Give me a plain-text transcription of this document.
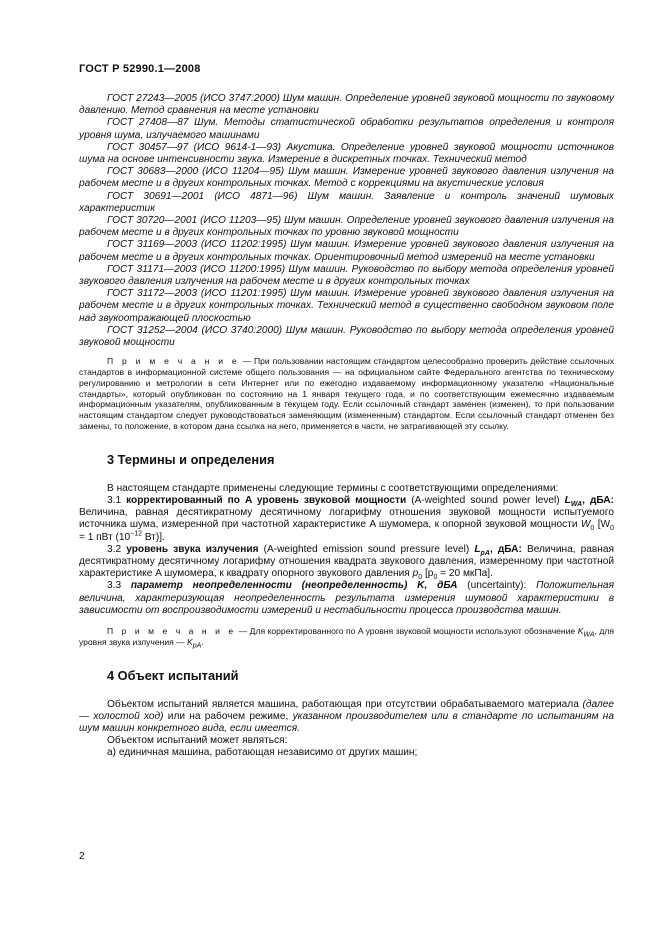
ГОСТ Р 52990.1—2008

ГОСТ 27243—2005 (ИСО 3747:2000) Шум машин. Определение уровней звуковой мощности по звуковому давлению. Метод сравнения на месте установки

ГОСТ 27408—87 Шум. Методы статистической обработки результатов определения и контроля уровня шума, излучаемого машинами

ГОСТ 30457—97 (ИСО 9614-1—93) Акустика. Определение уровней звуковой мощности источников шума на основе интенсивности звука. Измерение в дискретных точках. Технический метод

ГОСТ 30683—2000 (ИСО 11204—95) Шум машин. Измерение уровней звукового давления излучения на рабочем месте и в других контрольных точках. Метод с коррекциями на акустические условия

ГОСТ 30691—2001 (ИСО 4871—96) Шум машин. Заявление и контроль значений шумовых характеристик

ГОСТ 30720—2001 (ИСО 11203—95) Шум машин. Определение уровней звукового давления излучения на рабочем месте и в других контрольных точках по уровню звуковой мощности

ГОСТ 31169—2003 (ИСО 11202:1995) Шум машин. Измерение уровней звукового давления излучения на рабочем месте и в других контрольных точках. Ориентировочный метод измерений на месте установки

ГОСТ 31171—2003 (ИСО 11200:1995) Шум машин. Руководство по выбору метода определения уровней звукового давления излучения на рабочем месте и в других контрольных точках

ГОСТ 31172—2003 (ИСО 11201:1995) Шум машин. Измерение уровней звукового давления излучения на рабочем месте и в других контрольных точках. Технический метод в существенно свободном звуковом поле над звукоотражающей плоскостью

ГОСТ 31252—2004 (ИСО 3740:2000) Шум машин. Руководство по выбору метода определения уровней звуковой мощности

П р и м е ч а н и е — При пользовании настоящим стандартом целесообразно проверить действие ссылочных стандартов в информационной системе общего пользования — на официальном сайте Федерального агентства по техническому регулированию и метрологии в сети Интернет или по ежегодно издаваемому информационному указателю «Национальные стандарты», который опубликован по состоянию на 1 января текущего года, и по соответствующим ежемесячно издаваемым информационным указателям, опубликованным в текущем году. Если ссылочный стандарт заменен (изменен), то при пользовании настоящим стандартом следует руководствоваться заменяющим (измененным) стандартом. Если ссылочный стандарт отменен без замены, то положение, в котором дана ссылка на него, применяется в части, не затрагивающей эту ссылку.

3 Термины и определения

В настоящем стандарте применены следующие термины с соответствующими определениями:

3.1 корректированный по A уровень звуковой мощности (A-weighted sound power level) $L_{WA}$, дБА: Величина, равная десятикратному десятичному логарифму отношения звуковой мощности испытуемого источника шума, измеренной при частотной характеристике A шумомера, к опорной звуковой мощности $W_0$ [$W_0 = 1$ пВт ($10^{-12}$ Вт)].

3.2 уровень звука излучения (A-weighted emission sound pressure level) $L_{pA}$, дБА: Величина, равная десятикратному десятичному логарифму отношения квадрата звукового давления, измеренному при частотной характеристике A шумомера, к квадрату опорного звукового давления $p_0$ [$p_0 = 20$ мкПа].

3.3 параметр неопределенности (неопределенность) K, дБА (uncertainty): Положительная величина, характеризующая неопределенность результата измерения шумовой характеристики в зависимости от воспроизводимости измерений и нестабильности процесса производства машин.

П р и м е ч а н и е — Для корректированного по A уровня звуковой мощности используют обозначение $K_{WA}$, для уровня звука излучения — $K_{pA}$.

4 Объект испытаний

Объектом испытаний является машина, работающая при отсутствии обрабатываемого материала (далее — холостой ход) или на рабочем режиме, указанном производителем или в стандарте по испытаниям на шум машин конкретного вида, если имеется.

Объектом испытаний может являться:

а) единичная машина, работающая независимо от других машин;

2
